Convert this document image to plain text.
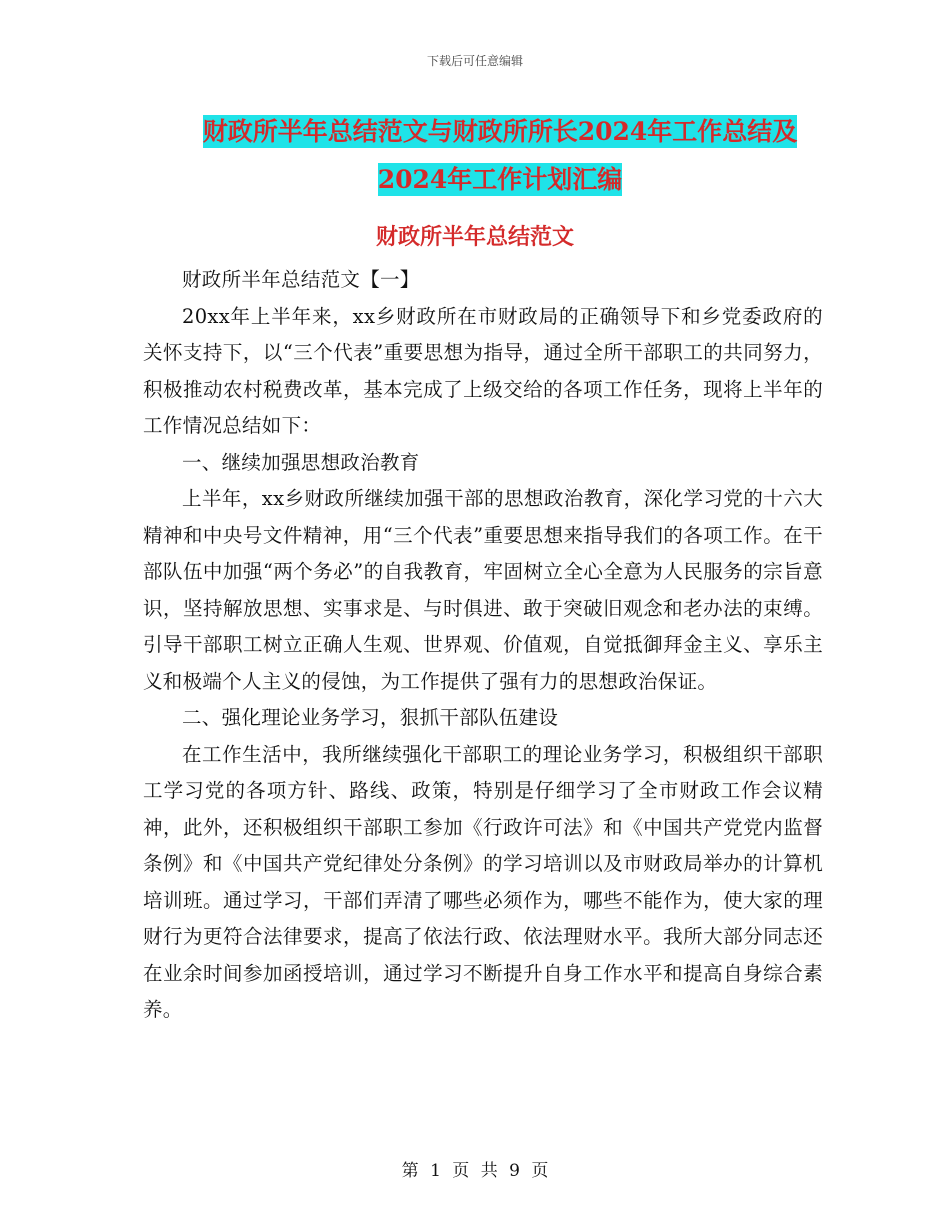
下载后可任意编辑
财政所半年总结范文与财政所所长2024年工作总结及
2024年工作计划汇编
财政所半年总结范文

财政所半年总结范文【一】

20xx年上半年来，xx乡财政所在市财政局的正确领导下和乡党委政府的关怀支持下，以“三个代表”重要思想为指导，通过全所干部职工的共同努力，积极推动农村税费改革，基本完成了上级交给的各项工作任务，现将上半年的工作情况总结如下：

一、继续加强思想政治教育

上半年，xx乡财政所继续加强干部的思想政治教育，深化学习党的十六大精神和中央号文件精神，用“三个代表”重要思想来指导我们的各项工作。在干部队伍中加强“两个务必”的自我教育，牢固树立全心全意为人民服务的宗旨意识，坚持解放思想、实事求是、与时俱进、敢于突破旧观念和老办法的束缚。引导干部职工树立正确人生观、世界观、价值观，自觉抵御拜金主义、享乐主义和极端个人主义的侵蚀，为工作提供了强有力的思想政治保证。

二、强化理论业务学习，狠抓干部队伍建设

在工作生活中，我所继续强化干部职工的理论业务学习，积极组织干部职工学习党的各项方针、路线、政策，特别是仔细学习了全市财政工作会议精神，此外，还积极组织干部职工参加《行政许可法》和《中国共产党党内监督条例》和《中国共产党纪律处分条例》的学习培训以及市财政局举办的计算机培训班。通过学习，干部们弄清了哪些必须作为，哪些不能作为，使大家的理财行为更符合法律要求，提高了依法行政、依法理财水平。我所大部分同志还在业余时间参加函授培训，通过学习不断提升自身工作水平和提高自身综合素养。

第 1 页 共 9 页
